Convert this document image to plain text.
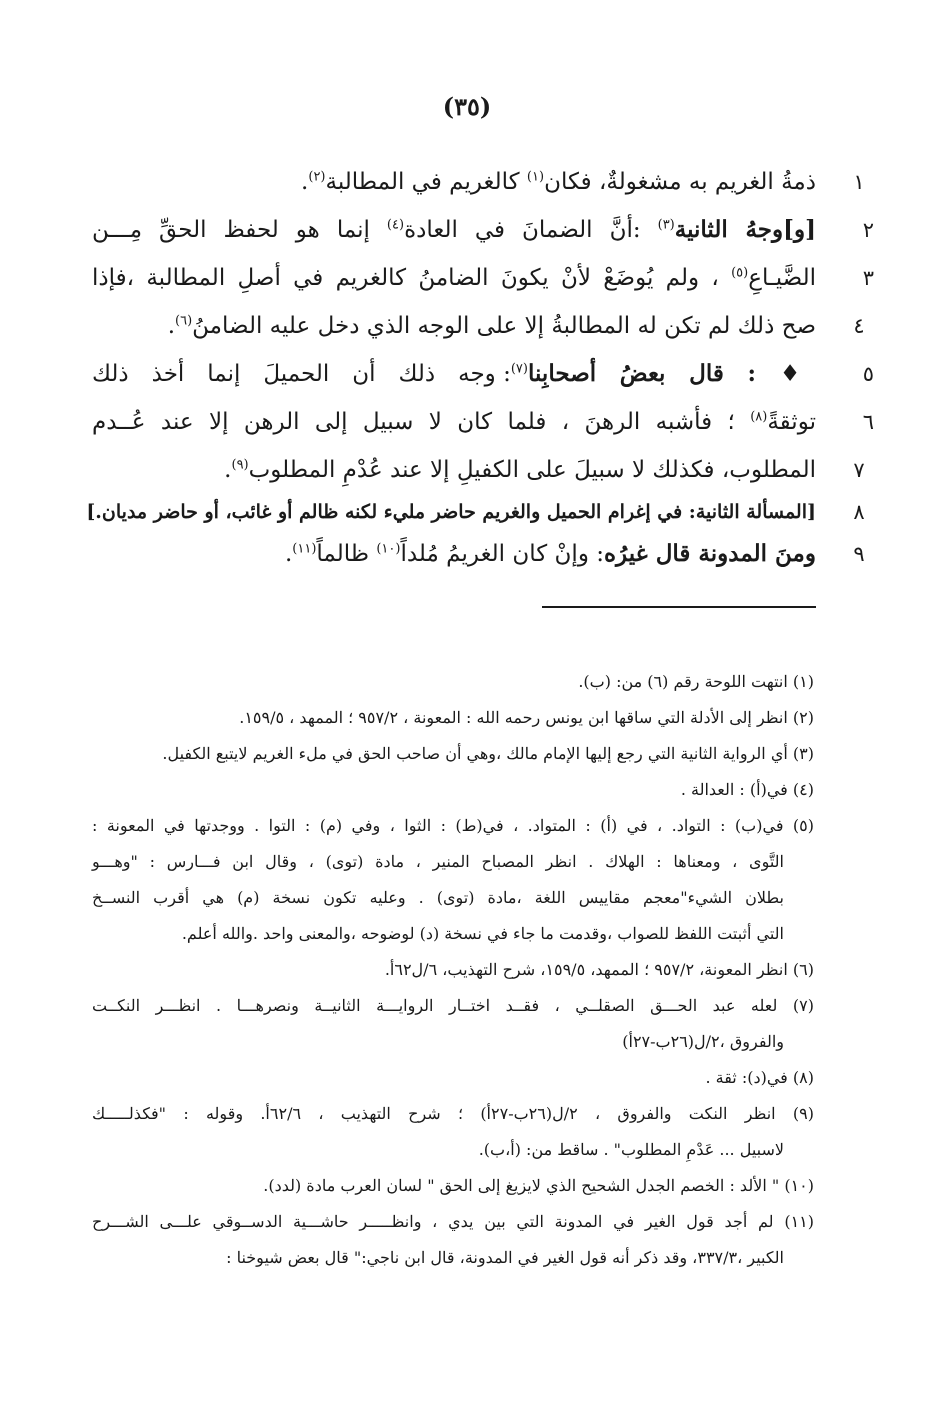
(٣٥)
١
ذمةُ الغريم به مشغولةٌ، فكان$^{(١)}$ كالغريم في المطالبة$^{(٢)}$.
٢
[و]وجهُ الثانية$^{(٣)}$ :أنَّ الضمانَ في العادة$^{(٤)}$ إنما هو لحفظ الحقِّ مِـــن
٣
الضَّيـاعِ$^{(٥)}$ ، ولم يُوضَعْ لأنْ يكونَ الضامنُ كالغريم في أصلِ المطالبة ،فإذا
٤
صح ذلك لم تكن له المطالبةُ إلا على الوجه الذي دخل عليه الضامنُ$^{(٦)}$.
٥
♦ : قال بعضُ أصحابِنا$^{(٧)}$: وجه ذلك أن الحميلَ إنما أخذ ذلك
٦
توثقةً$^{(٨)}$ ؛ فأشبه الرهنَ ، فلما كان لا سبيل إلى الرهن إلا عند عُــدم
٧
المطلوب، فكذلك لا سبيلَ على الكفيلِ إلا عند عُدْمِ المطلوب$^{(٩)}$.
٨
[المسألة الثانية: في إغرام الحميل والغريم حاضر مليء لكنه ظالم أو غائب، أو حاضر مديان.]
٩
ومنَ المدونة قال غيرُه: وإنْ كان الغريمُ مُلداً$^{(١٠)}$ ظالماً$^{(١١)}$.

(١) انتهت اللوحة رقم (٦) من: (ب).

(٢) انظر إلى الأدلة التي ساقها ابن يونس رحمه الله : المعونة ، ٩٥٧/٢ ؛ الممهد ، ١٥٩/٥.

(٣) أي الرواية الثانية التي رجع إليها الإمام مالك ،وهي أن صاحب الحق في ملء الغريم لايتبع الكفيل.

(٤) في(أ) : العدالة .

(٥) في(ب) : التواد. ، في (أ) : المتواد. ، في(ط) : الثوا ، وفي (م) : التوا . ووجدتها في المعونة :

التَّوى ، ومعناها : الهلاك . انظر المصباح المنير ، مادة (توى) ، وقال ابن فـــارس : "وهـــو

بطلان الشيء"معجم مقاييس اللغة ،مادة (توى) . وعليه تكون نسخة (م) هي أقرب النســخ

التي أثبتت اللفظ للصواب ،وقدمت ما جاء في نسخة (د) لوضوحه ،والمعنى واحد .والله أعلم.

(٦) انظر المعونة، ٩٥٧/٢ ؛ الممهد، ١٥٩/٥، شرح التهذيب، ٦/ل٦٢أ.

(٧) لعله عبد الحـــق الصقلــي ، فقــد اختــار الروايـــة الثانيــة ونصرهـــا . انظـــر النكــت

والفروق ،٢/ل(٢٦ب-٢٧أ)

(٨) في(د): ثقة .

(٩) انظر النكت والفروق ، ٢/ل(٢٦ب-٢٧أ) ؛ شرح التهذيب ، ٦٢/٦أ. وقوله : "فكذلـــــك

لاسبيل ... عَدْمِ المطلوب" . ساقط من: (أ،ب).

(١٠) " الألد : الخصم الجدل الشحيح الذي لايزيغ إلى الحق " لسان العرب مادة (لدد).

(١١) لم أجد قول الغير في المدونة التي بين يدي ، وانظـــــر حاشـــية الدســوقي علـــى الشـــرح

الكبير ،٣٣٧/٣، وقد ذكر أنه قول الغير في المدونة، قال ابن ناجي:" قال بعض شيوخنا :
